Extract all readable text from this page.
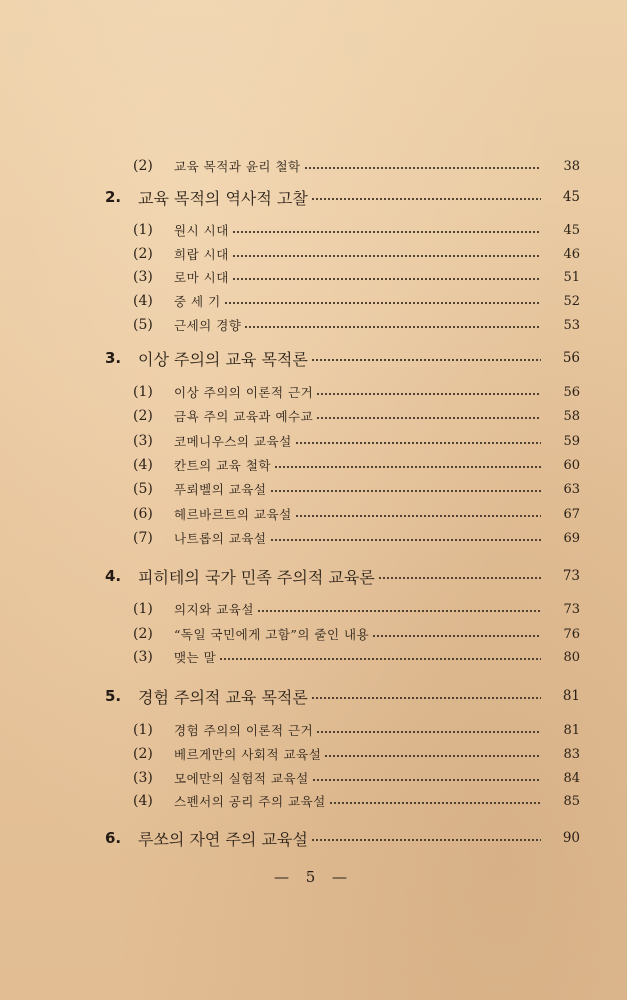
(2)	교육 목적과 윤리 철학	38
2.	교육 목적의 역사적 고찰	45
(1)	원시 시대	45
(2)	희랍 시대	46
(3)	로마 시대	51
(4)	중 세 기	52
(5)	근세의 경향	53
3.	이상 주의의 교육 목적론	56
(1)	이상 주의의 이론적 근거	56
(2)	금욕 주의 교육과 예수교	58
(3)	코메니우스의 교육설	59
(4)	칸트의 교육 철학	60
(5)	푸뢰벨의 교육설	63
(6)	헤르바르트의 교육설	67
(7)	나트롭의 교육설	69
4.	피히테의 국가 민족 주의적 교육론	73
(1)	의지와 교육설	73
(2)	“독일 국민에게 고함”의 줄인 내용	76
(3)	맺는 말	80
5.	경험 주의적 교육 목적론	81
(1)	경험 주의의 이론적 근거	81
(2)	베르게만의 사회적 교육설	83
(3)	모에만의 실험적 교육설	84
(4)	스펜서의 공리 주의 교육설	85
6.	루쏘의 자연 주의 교육설	90
— 5 —
